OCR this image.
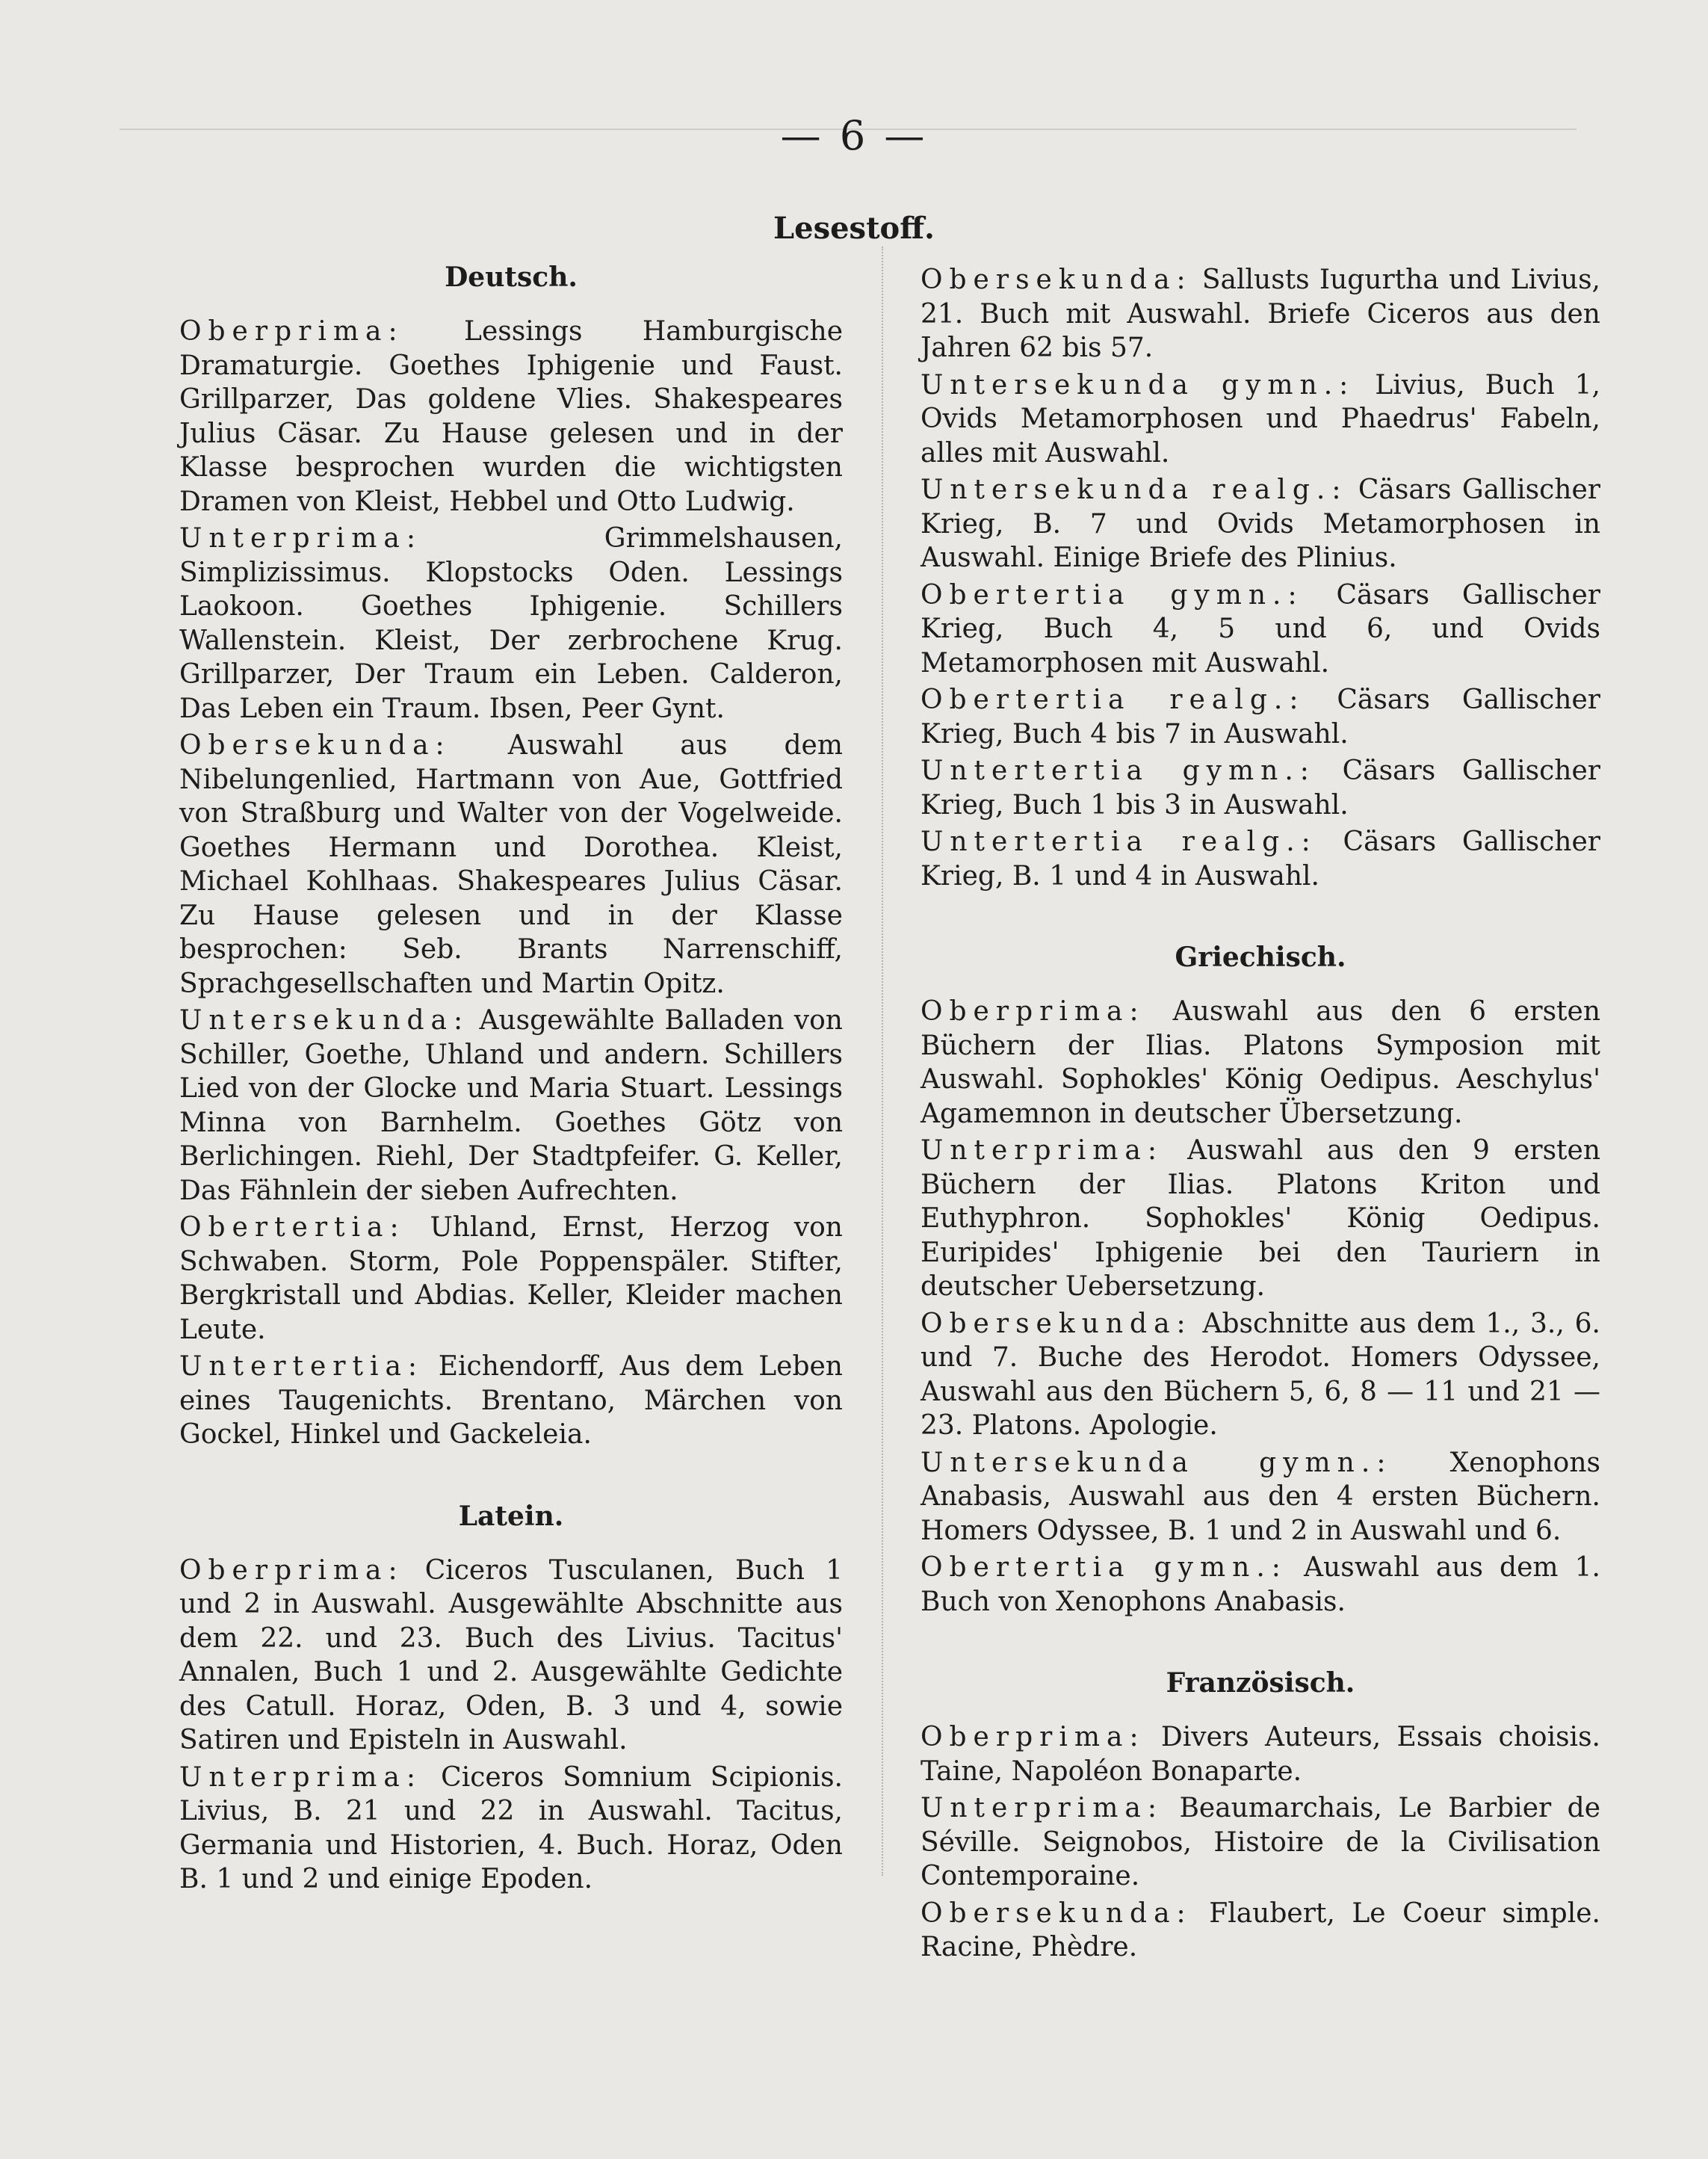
— 6 —
Lesestoff.
Deutsch.

Oberprima: Lessings Hamburgische Dramaturgie. Goethes Iphigenie und Faust. Grillparzer, Das goldene Vlies. Shakespeares Julius Cäsar. Zu Hause gelesen und in der Klasse besprochen wurden die wichtigsten Dramen von Kleist, Hebbel und Otto Ludwig.

Unterprima: Grimmelshausen, Simplizissimus. Klopstocks Oden. Lessings Laokoon. Goethes Iphigenie. Schillers Wallenstein. Kleist, Der zerbrochene Krug. Grillparzer, Der Traum ein Leben. Calderon, Das Leben ein Traum. Ibsen, Peer Gynt.

Obersekunda: Auswahl aus dem Nibelungenlied, Hartmann von Aue, Gottfried von Straßburg und Walter von der Vogelweide. Goethes Hermann und Dorothea. Kleist, Michael Kohlhaas. Shakespeares Julius Cäsar. Zu Hause gelesen und in der Klasse besprochen: Seb. Brants Narrenschiff, Sprachgesellschaften und Martin Opitz.

Untersekunda: Ausgewählte Balladen von Schiller, Goethe, Uhland und andern. Schillers Lied von der Glocke und Maria Stuart. Lessings Minna von Barnhelm. Goethes Götz von Berlichingen. Riehl, Der Stadtpfeifer. G. Keller, Das Fähnlein der sieben Aufrechten.

Obertertia: Uhland, Ernst, Herzog von Schwaben. Storm, Pole Poppenspäler. Stifter, Bergkristall und Abdias. Keller, Kleider machen Leute.

Untertertia: Eichendorff, Aus dem Leben eines Taugenichts. Brentano, Märchen von Gockel, Hinkel und Gackeleia.

Latein.

Oberprima: Ciceros Tusculanen, Buch 1 und 2 in Auswahl. Ausgewählte Abschnitte aus dem 22. und 23. Buch des Livius. Tacitus' Annalen, Buch 1 und 2. Ausgewählte Gedichte des Catull. Horaz, Oden, B. 3 und 4, sowie Satiren und Episteln in Auswahl.

Unterprima: Ciceros Somnium Scipionis. Livius, B. 21 und 22 in Auswahl. Tacitus, Germania und Historien, 4. Buch. Horaz, Oden B. 1 und 2 und einige Epoden.

Obersekunda: Sallusts Iugurtha und Livius, 21. Buch mit Auswahl. Briefe Ciceros aus den Jahren 62 bis 57.

Untersekunda gymn.: Livius, Buch 1, Ovids Metamorphosen und Phaedrus' Fabeln, alles mit Auswahl.

Untersekunda realg.: Cäsars Gallischer Krieg, B. 7 und Ovids Metamorphosen in Auswahl. Einige Briefe des Plinius.

Obertertia gymn.: Cäsars Gallischer Krieg, Buch 4, 5 und 6, und Ovids Metamorphosen mit Auswahl.

Obertertia realg.: Cäsars Gallischer Krieg, Buch 4 bis 7 in Auswahl.

Untertertia gymn.: Cäsars Gallischer Krieg, Buch 1 bis 3 in Auswahl.

Untertertia realg.: Cäsars Gallischer Krieg, B. 1 und 4 in Auswahl.

Griechisch.

Oberprima: Auswahl aus den 6 ersten Büchern der Ilias. Platons Symposion mit Auswahl. Sophokles' König Oedipus. Aeschylus' Agamemnon in deutscher Übersetzung.

Unterprima: Auswahl aus den 9 ersten Büchern der Ilias. Platons Kriton und Euthyphron. Sophokles' König Oedipus. Euripides' Iphigenie bei den Tauriern in deutscher Uebersetzung.

Obersekunda: Abschnitte aus dem 1., 3., 6. und 7. Buche des Herodot. Homers Odyssee, Auswahl aus den Büchern 5, 6, 8 — 11 und 21 — 23. Platons. Apologie.

Untersekunda gymn.: Xenophons Anabasis, Auswahl aus den 4 ersten Büchern. Homers Odyssee, B. 1 und 2 in Auswahl und 6.

Obertertia gymn.: Auswahl aus dem 1. Buch von Xenophons Anabasis.

Französisch.

Oberprima: Divers Auteurs, Essais choisis. Taine, Napoléon Bonaparte.

Unterprima: Beaumarchais, Le Barbier de Séville. Seignobos, Histoire de la Civilisation Contemporaine.

Obersekunda: Flaubert, Le Coeur simple. Racine, Phèdre.
